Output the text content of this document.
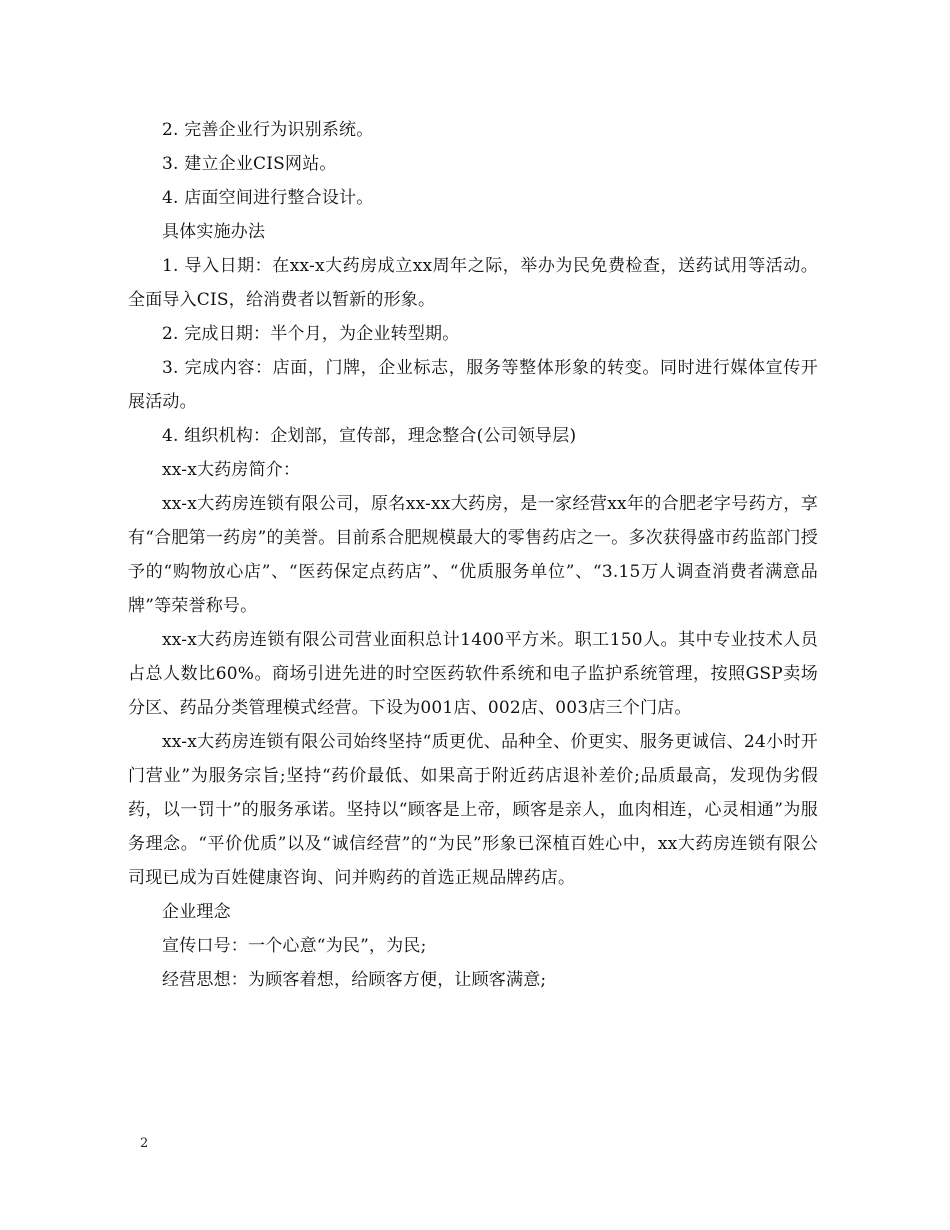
2. 完善企业行为识别系统。

3. 建立企业CIS网站。

4. 店面空间进行整合设计。

具体实施办法

1. 导入日期：在xx-x大药房成立xx周年之际，举办为民免费检查，送药试用等活动。全面导入CIS，给消费者以暂新的形象。

2. 完成日期：半个月，为企业转型期。

3. 完成内容：店面，门牌，企业标志，服务等整体形象的转变。同时进行媒体宣传开展活动。

4. 组织机构：企划部，宣传部，理念整合(公司领导层)

xx-x大药房简介：

xx-x大药房连锁有限公司，原名xx-xx大药房，是一家经营xx年的合肥老字号药方，享有“合肥第一药房”的美誉。目前系合肥规模最大的零售药店之一。多次获得盛市药监部门授予的“购物放心店”、“医药保定点药店”、“优质服务单位”、“3.15万人调查消费者满意品牌”等荣誉称号。

xx-x大药房连锁有限公司营业面积总计1400平方米。职工150人。其中专业技术人员占总人数比60%。商场引进先进的时空医药软件系统和电子监护系统管理，按照GSP卖场分区、药品分类管理模式经营。下设为001店、002店、003店三个门店。

xx-x大药房连锁有限公司始终坚持“质更优、品种全、价更实、服务更诚信、24小时开门营业”为服务宗旨;坚持“药价最低、如果高于附近药店退补差价;品质最高，发现伪劣假药，以一罚十”的服务承诺。坚持以“顾客是上帝，顾客是亲人，血肉相连，心灵相通”为服务理念。“平价优质”以及“诚信经营”的“为民”形象已深植百姓心中，xx大药房连锁有限公司现已成为百姓健康咨询、问并购药的首选正规品牌药店。

企业理念

宣传口号：一个心意“为民”，为民;

经营思想：为顾客着想，给顾客方便，让顾客满意;

2
